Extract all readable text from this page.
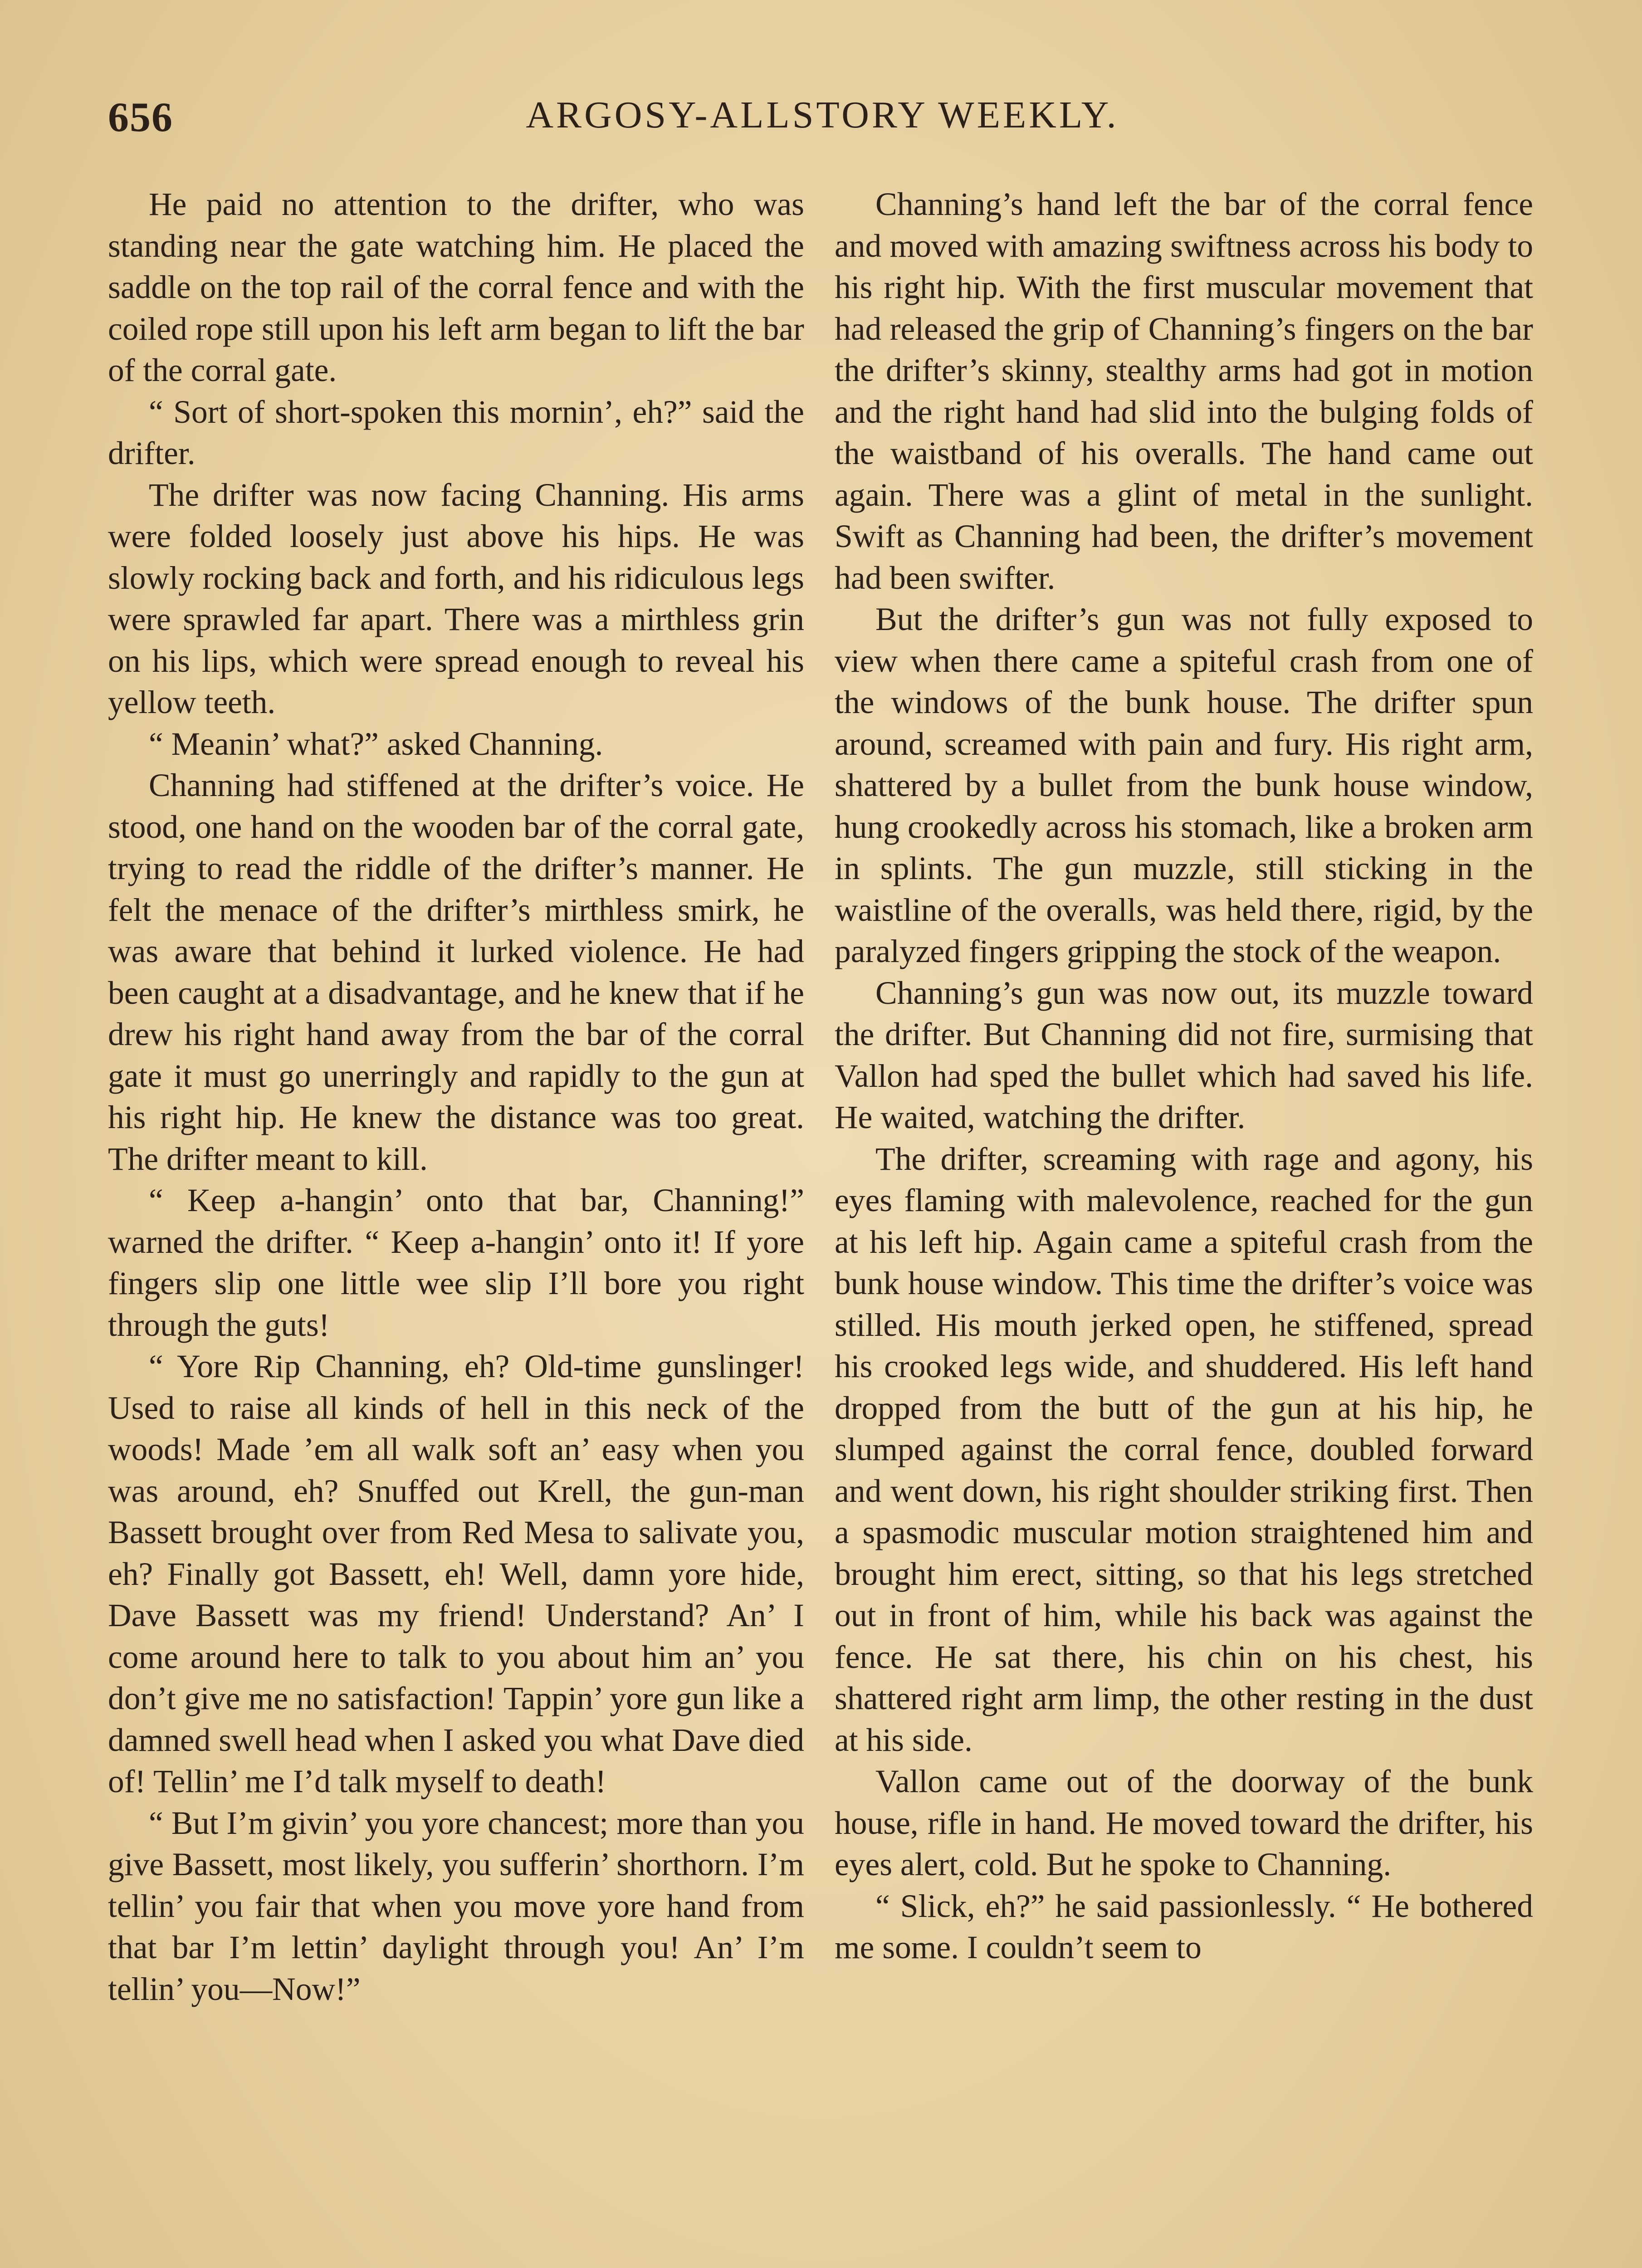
656	ARGOSY-ALLSTORY WEEKLY.

He paid no attention to the drifter, who was standing near the gate watching him. He placed the saddle on the top rail of the corral fence and with the coiled rope still upon his left arm began to lift the bar of the corral gate.

“ Sort of short-spoken this mornin’, eh?” said the drifter.

The drifter was now facing Channing. His arms were folded loosely just above his hips. He was slowly rocking back and forth, and his ridiculous legs were sprawled far apart. There was a mirthless grin on his lips, which were spread enough to reveal his yellow teeth.

“ Meanin’ what?” asked Channing.

Channing had stiffened at the drifter’s voice. He stood, one hand on the wooden bar of the corral gate, trying to read the riddle of the drifter’s manner. He felt the menace of the drifter’s mirthless smirk, he was aware that behind it lurked violence. He had been caught at a disadvantage, and he knew that if he drew his right hand away from the bar of the corral gate it must go unerringly and rapidly to the gun at his right hip. He knew the distance was too great. The drifter meant to kill.

“ Keep a-hangin’ onto that bar, Channing!” warned the drifter. “ Keep a-hangin’ onto it! If yore fingers slip one little wee slip I’ll bore you right through the guts!

“ Yore Rip Channing, eh? Old-time gunslinger! Used to raise all kinds of hell in this neck of the woods! Made ’em all walk soft an’ easy when you was around, eh? Snuffed out Krell, the gun-man Bassett brought over from Red Mesa to salivate you, eh? Finally got Bassett, eh! Well, damn yore hide, Dave Bassett was my friend! Understand? An’ I come around here to talk to you about him an’ you don’t give me no satisfaction! Tappin’ yore gun like a damned swell head when I asked you what Dave died of! Tellin’ me I’d talk myself to death!

“ But I’m givin’ you yore chancest; more than you give Bassett, most likely, you sufferin’ shorthorn. I’m tellin’ you fair that when you move yore hand from that bar I’m lettin’ daylight through you! An’ I’m tellin’ you—Now!”

Channing’s hand left the bar of the corral fence and moved with amazing swiftness across his body to his right hip. With the first muscular movement that had released the grip of Channing’s fingers on the bar the drifter’s skinny, stealthy arms had got in motion and the right hand had slid into the bulging folds of the waistband of his overalls. The hand came out again. There was a glint of metal in the sunlight. Swift as Channing had been, the drifter’s movement had been swifter.

But the drifter’s gun was not fully exposed to view when there came a spiteful crash from one of the windows of the bunk house. The drifter spun around, screamed with pain and fury. His right arm, shattered by a bullet from the bunk house window, hung crookedly across his stomach, like a broken arm in splints. The gun muzzle, still sticking in the waistline of the overalls, was held there, rigid, by the paralyzed fingers gripping the stock of the weapon.

Channing’s gun was now out, its muzzle toward the drifter. But Channing did not fire, surmising that Vallon had sped the bullet which had saved his life. He waited, watching the drifter.

The drifter, screaming with rage and agony, his eyes flaming with malevolence, reached for the gun at his left hip. Again came a spiteful crash from the bunk house window. This time the drifter’s voice was stilled. His mouth jerked open, he stiffened, spread his crooked legs wide, and shuddered. His left hand dropped from the butt of the gun at his hip, he slumped against the corral fence, doubled forward and went down, his right shoulder striking first. Then a spasmodic muscular motion straightened him and brought him erect, sitting, so that his legs stretched out in front of him, while his back was against the fence. He sat there, his chin on his chest, his shattered right arm limp, the other resting in the dust at his side.

Vallon came out of the doorway of the bunk house, rifle in hand. He moved toward the drifter, his eyes alert, cold. But he spoke to Channing.

“ Slick, eh?” he said passionlessly. “ He bothered me some. I couldn’t seem to
